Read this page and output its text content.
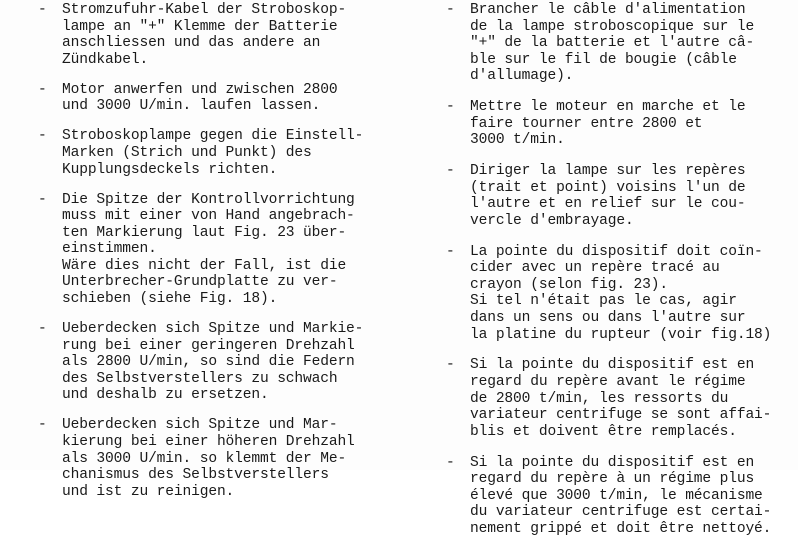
- Stromzufuhr-Kabel der Stroboskop-
lampe an "+" Klemme der Batterie
anschliessen und das andere an
Zündkabel.
- Motor anwerfen und zwischen 2800
und 3000 U/min. laufen lassen.
- Stroboskoplampe gegen die Einstell-
Marken (Strich und Punkt) des
Kupplungsdeckels richten.
- Die Spitze der Kontrollvorrichtung
muss mit einer von Hand angebrach-
ten Markierung laut Fig. 23 über-
einstimmen.
Wäre dies nicht der Fall, ist die
Unterbrecher-Grundplatte zu ver-
schieben (siehe Fig. 18).
- Ueberdecken sich Spitze und Markie-
rung bei einer geringeren Drehzahl
als 2800 U/min, so sind die Federn
des Selbstverstellers zu schwach
und deshalb zu ersetzen.
- Ueberdecken sich Spitze und Mar-
kierung bei einer höheren Drehzahl
als 3000 U/min. so klemmt der Me-
chanismus des Selbstverstellers
und ist zu reinigen.
- Brancher le câble d'alimentation
de la lampe stroboscopique sur le
"+" de la batterie et l'autre câ-
ble sur le fil de bougie (câble
d'allumage).
- Mettre le moteur en marche et le
faire tourner entre 2800 et
3000 t/min.
- Diriger la lampe sur les repères
(trait et point) voisins l'un de
l'autre et en relief sur le cou-
vercle d'embrayage.
- La pointe du dispositif doit coïn-
cider avec un repère tracé au
crayon (selon fig. 23).
Si tel n'était pas le cas, agir
dans un sens ou dans l'autre sur
la platine du rupteur (voir fig.18)
- Si la pointe du dispositif est en
regard du repère avant le régime
de 2800 t/min, les ressorts du
variateur centrifuge se sont affai-
blis et doivent être remplacés.
- Si la pointe du dispositif est en
regard du repère à un régime plus
élevé que 3000 t/min, le mécanisme
du variateur centrifuge est certai-
nement grippé et doit être nettoyé.
